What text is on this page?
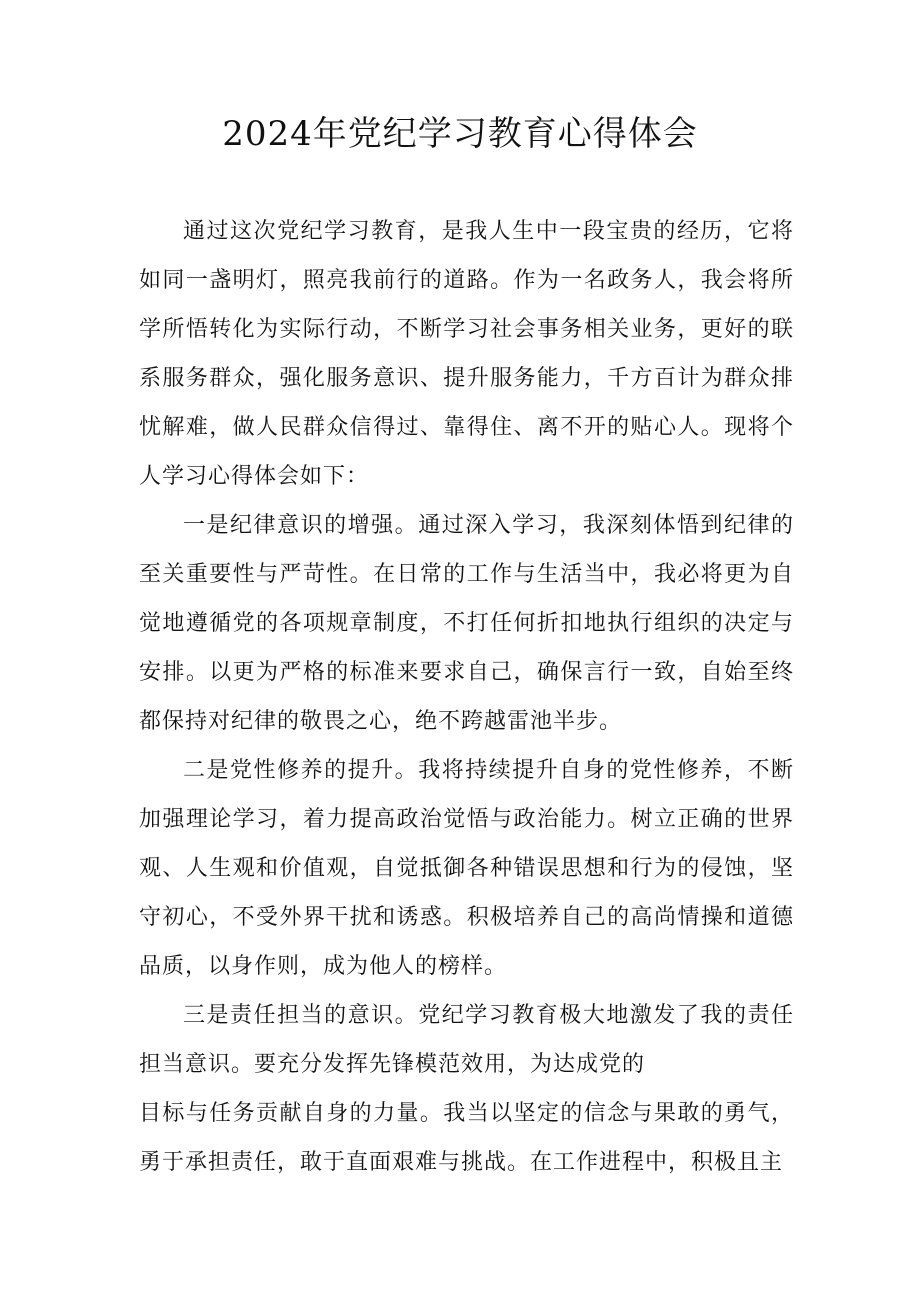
2024年党纪学习教育心得体会

通过这次党纪学习教育，是我人生中一段宝贵的经历，它将如同一盏明灯，照亮我前行的道路。作为一名政务人，我会将所学所悟转化为实际行动，不断学习社会事务相关业务，更好的联系服务群众，强化服务意识、提升服务能力，千方百计为群众排忧解难，做人民群众信得过、靠得住、离不开的贴心人。现将个人学习心得体会如下：

一是纪律意识的增强。通过深入学习，我深刻体悟到纪律的至关重要性与严苛性。在日常的工作与生活当中，我必将更为自觉地遵循党的各项规章制度，不打任何折扣地执行组织的决定与安排。以更为严格的标准来要求自己，确保言行一致，自始至终都保持对纪律的敬畏之心，绝不跨越雷池半步。

二是党性修养的提升。我将持续提升自身的党性修养，不断加强理论学习，着力提高政治觉悟与政治能力。树立正确的世界观、人生观和价值观，自觉抵御各种错误思想和行为的侵蚀，坚守初心，不受外界干扰和诱惑。积极培养自己的高尚情操和道德品质，以身作则，成为他人的榜样。

三是责任担当的意识。党纪学习教育极大地激发了我的责任担当意识。要充分发挥先锋模范效用，为达成党的

目标与任务贡献自身的力量。我当以坚定的信念与果敢的勇气，勇于承担责任，敢于直面艰难与挑战。在工作进程中，积极且主
